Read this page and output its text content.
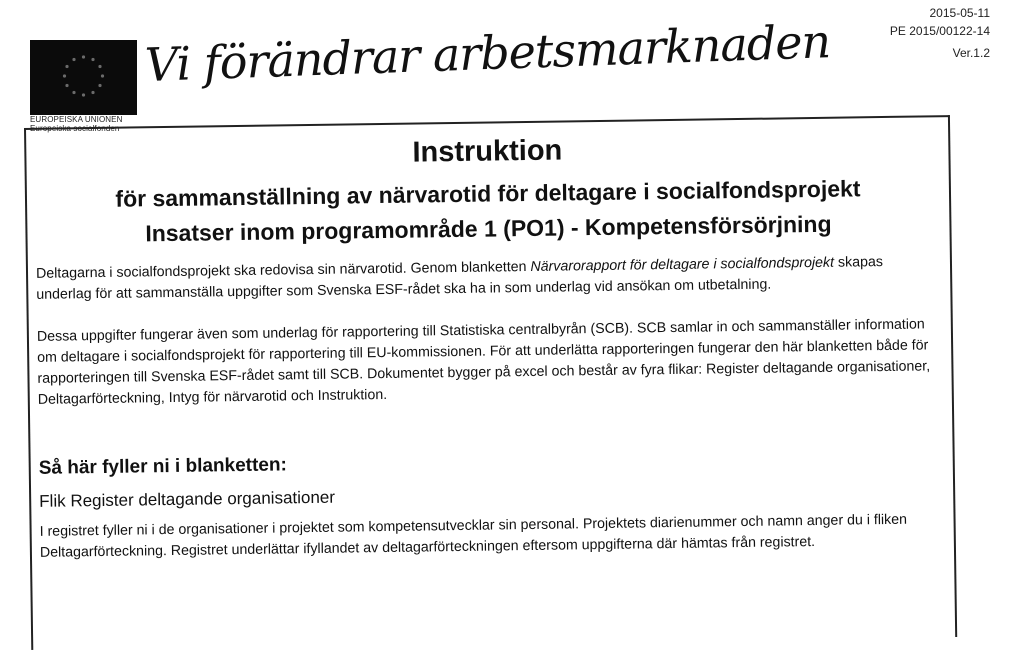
2015-05-11
PE 2015/00122-14
Ver.1.2
EUROPEISKA UNIONEN
Europeiska socialfonden
Vi förändrar arbetsmarknaden
Instruktion
för sammanställning av närvarotid för deltagare i socialfondsprojekt
Insatser inom programområde 1 (PO1) - Kompetensförsörjning
Deltagarna i socialfondsprojekt ska redovisa sin närvarotid. Genom blanketten Närvarorapport för deltagare i socialfondsprojekt skapas underlag för att sammanställa uppgifter som Svenska ESF-rådet ska ha in som underlag vid ansökan om utbetalning.
Dessa uppgifter fungerar även som underlag för rapportering till Statistiska centralbyrån (SCB). SCB samlar in och sammanställer information om deltagare i socialfondsprojekt för rapportering till EU-kommissionen. För att underlätta rapporteringen fungerar den här blanketten både för rapporteringen till Svenska ESF-rådet samt till SCB. Dokumentet bygger på excel och består av fyra flikar: Register deltagande organisationer, Deltagarförteckning, Intyg för närvarotid och Instruktion.
Så här fyller ni i blanketten:
Flik Register deltagande organisationer
I registret fyller ni i de organisationer i projektet som kompetensutvecklar sin personal. Projektets diarienummer och namn anger du i fliken Deltagarförteckning. Registret underlättar ifyllandet av deltagarförteckningen eftersom uppgifterna där hämtas från registret.
